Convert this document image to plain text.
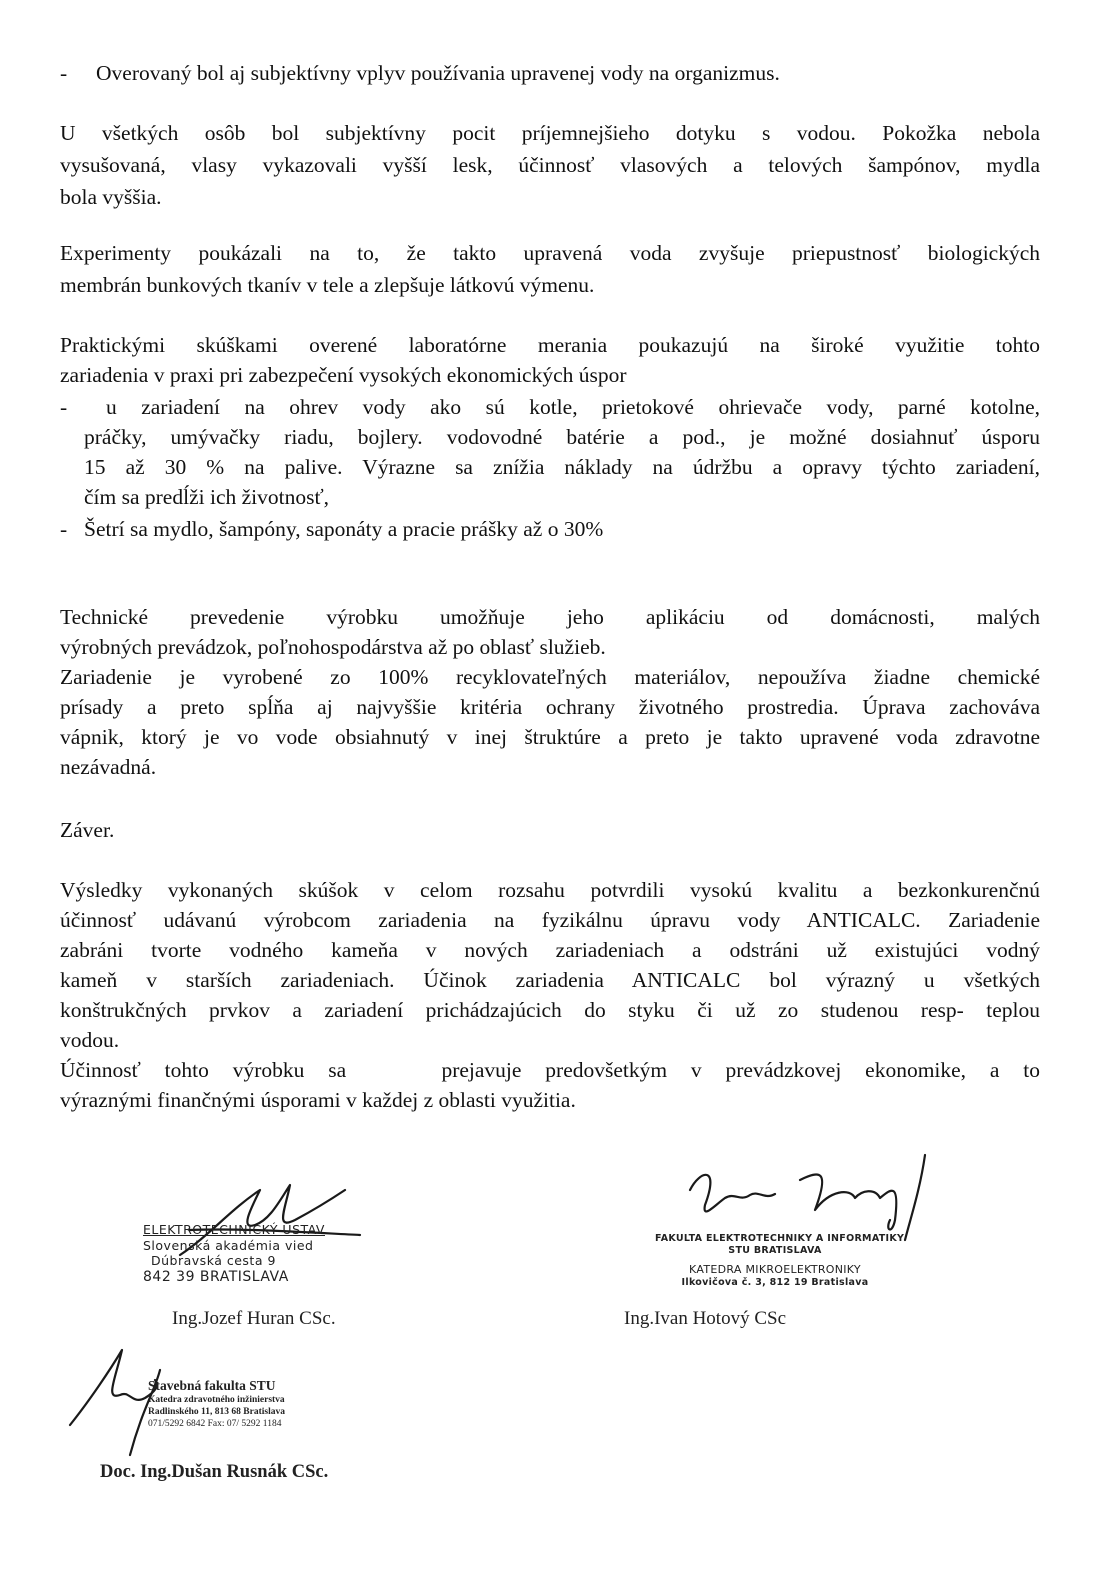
- Overovaný bol aj subjektívny vplyv používania upravenej vody na organizmus.

U všetkých osôb bol subjektívny pocit príjemnejšieho dotyku s vodou. Pokožka nebola

vysušovaná, vlasy vykazovali vyšší lesk, účinnosť vlasových a telových šampónov, mydla

bola vyššia.

Experimenty poukázali na to, že takto upravená voda zvyšuje priepustnosť biologických

membrán bunkových tkanív v tele a zlepšuje látkovú výmenu.

Praktickými skúškami overené laboratórne merania poukazujú na široké využitie tohto

zariadenia v praxi pri zabezpečení vysokých ekonomických úspor

-	u zariadení na ohrev vody ako sú kotle, prietokové ohrievače vody, parné kotolne,

práčky, umývačky riadu, bojlery. vodovodné batérie a pod., je možné dosiahnuť úsporu

15 až 30 % na palive. Výrazne sa znížia náklady na údržbu a opravy týchto zariadení,

čím sa predĺži ich životnosť,

- Šetrí sa mydlo, šampóny, saponáty a pracie prášky až o 30%

Technické prevedenie výrobku umožňuje jeho aplikáciu od domácnosti, malých

výrobných prevádzok, poľnohospodárstva až po oblasť služieb.

Zariadenie je vyrobené zo 100% recyklovateľných materiálov, nepoužíva žiadne chemické

prísady a preto spĺňa aj najvyššie kritéria ochrany životného prostredia. Úprava zachováva

vápnik, ktorý je vo vode obsiahnutý v inej štruktúre a preto je takto upravené voda zdravotne

nezávadná.

Záver.

Výsledky vykonaných skúšok v celom rozsahu potvrdili vysokú kvalitu a bezkonkurenčnú

účinnosť udávanú výrobcom zariadenia na fyzikálnu úpravu vody ANTICALC. Zariadenie

zabráni tvorte vodného kameňa v nových zariadeniach a odstráni už existujúci vodný

kameň v starších zariadeniach. Účinok zariadenia ANTICALC bol výrazný u všetkých

konštrukčných prvkov a zariadení prichádzajúcich do styku či už zo studenou resp- teplou

vodou.

Účinnosť tohto výrobku sa    prejavuje predovšetkým v prevádzkovej ekonomike, a to

výraznými finančnými úsporami v každej z oblasti využitia.

ELEKTROTECHNICKÝ ÚSTAV
Slovenská akadémia vied
Dúbravská cesta 9
842 39 BRATISLAVA
Ing.Jozef Huran CSc.
FAKULTA ELEKTROTECHNIKY A INFORMATIKY
STU BRATISLAVA
KATEDRA MIKROELEKTRONIKY
Ilkovičova č. 3, 812 19 Bratislava
Ing.Ivan Hotový CSc
Stavebná fakulta STU
Katedra zdravotného inžinierstva
Radlinského 11, 813 68 Bratislava
071/5292 6842 Fax: 07/ 5292 1184
Doc. Ing.Dušan Rusnák CSc.
